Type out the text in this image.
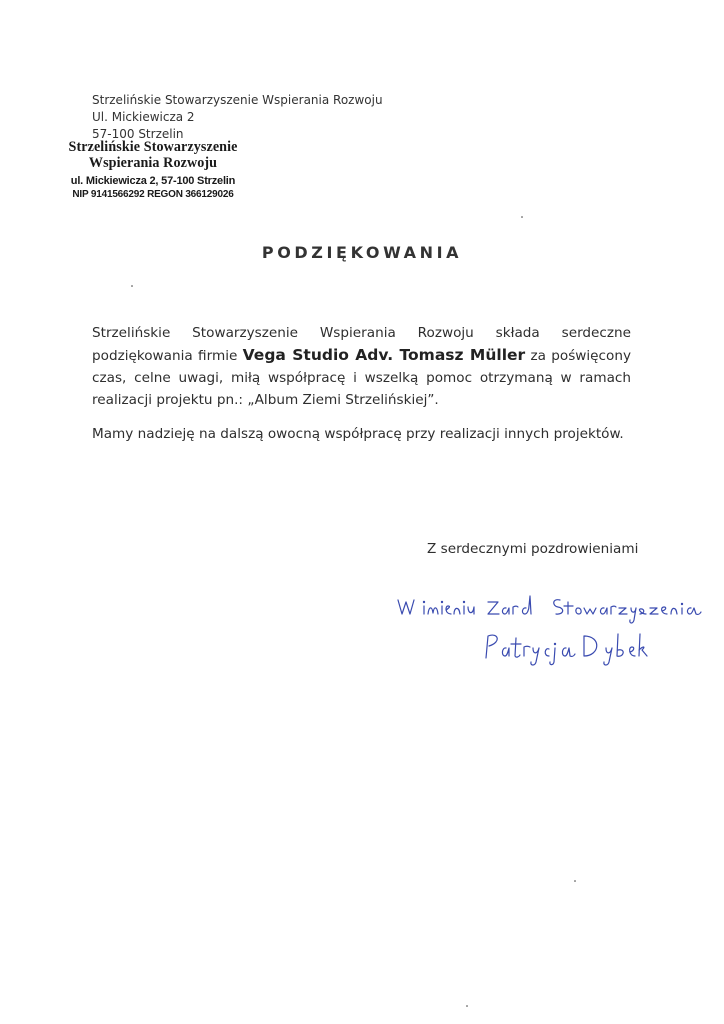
Strzelińskie Stowarzyszenie Wspierania Rozwoju
Ul. Mickiewicza 2
57-100 Strzelin
Strzelińskie Stowarzyszenie
Wspierania Rozwoju
ul. Mickiewicza 2, 57-100 Strzelin
NIP 9141566292 REGON 366129026
PODZIĘKOWANIA

Strzelińskie Stowarzyszenie Wspierania Rozwoju składa serdeczne podziękowania firmie Vega Studio Adv. Tomasz Müller za poświęcony czas, celne uwagi, miłą współpracę i wszelką pomoc otrzymaną w ramach realizacji projektu pn.: „Album Ziemi Strzelińskiej”.

Mamy nadzieję na dalszą owocną współpracę przy realizacji innych projektów.

Z serdecznymi pozdrowieniami
